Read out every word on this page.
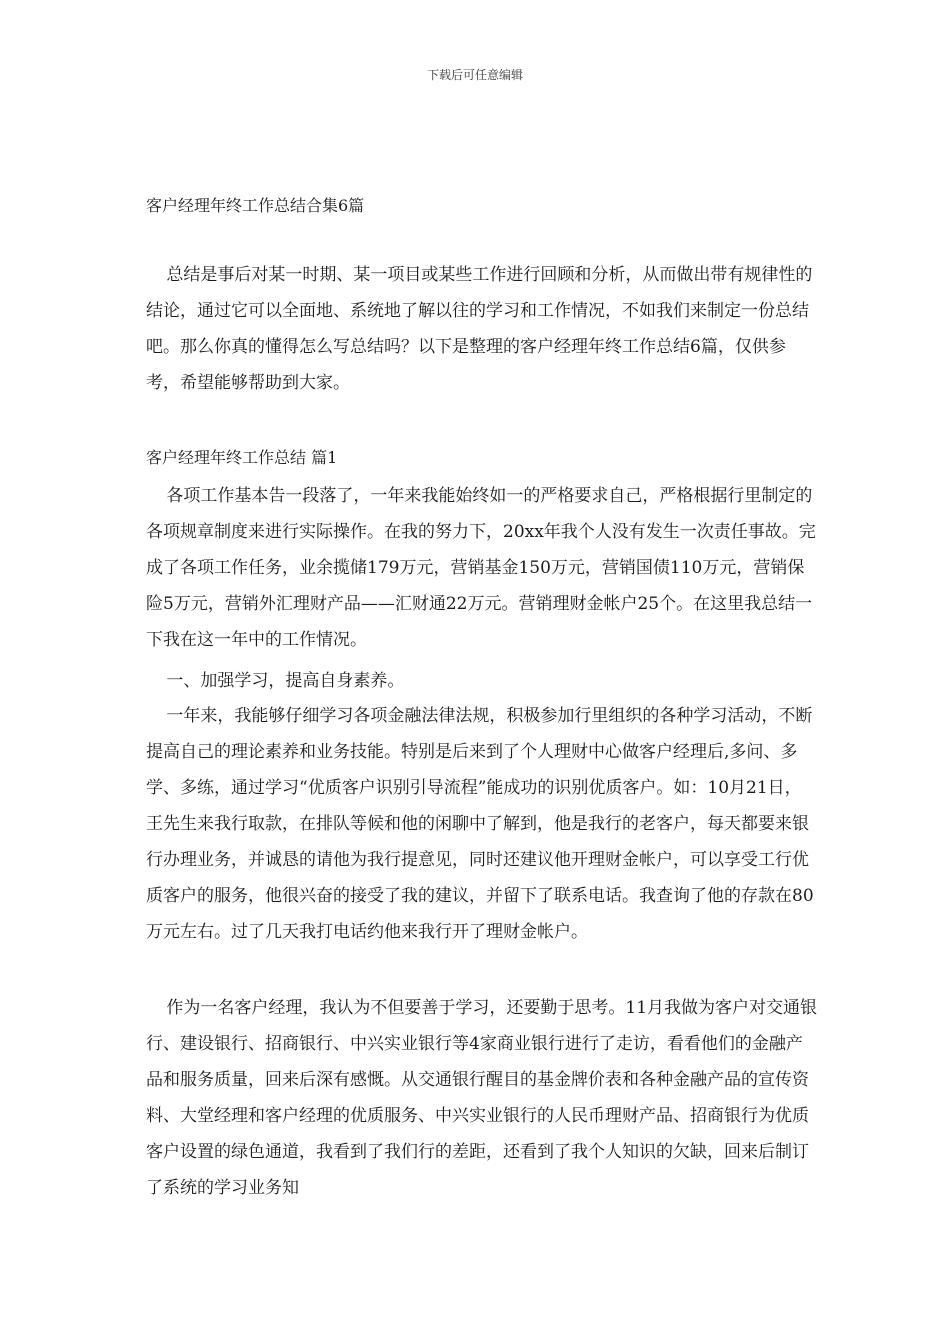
下载后可任意编辑
客户经理年终工作总结合集6篇

总结是事后对某一时期、某一项目或某些工作进行回顾和分析，从而做出带有规律性的结论，通过它可以全面地、系统地了解以往的学习和工作情况，不如我们来制定一份总结吧。那么你真的懂得怎么写总结吗？以下是整理的客户经理年终工作总结6篇，仅供参考，希望能够帮助到大家。

客户经理年终工作总结 篇1

各项工作基本告一段落了，一年来我能始终如一的严格要求自己，严格根据行里制定的各项规章制度来进行实际操作。在我的努力下，20xx年我个人没有发生一次责任事故。完成了各项工作任务，业余揽储179万元，营销基金150万元，营销国债110万元，营销保险5万元，营销外汇理财产品——汇财通22万元。营销理财金帐户25个。在这里我总结一下我在这一年中的工作情况。

一、加强学习，提高自身素养。

一年来，我能够仔细学习各项金融法律法规，积极参加行里组织的各种学习活动，不断提高自己的理论素养和业务技能。特别是后来到了个人理财中心做客户经理后,多问、多学、多练，通过学习“优质客户识别引导流程”能成功的识别优质客户。如：10月21日，王先生来我行取款，在排队等候和他的闲聊中了解到，他是我行的老客户，每天都要来银行办理业务，并诚恳的请他为我行提意见，同时还建议他开理财金帐户，可以享受工行优质客户的服务，他很兴奋的接受了我的建议，并留下了联系电话。我查询了他的存款在80万元左右。过了几天我打电话约他来我行开了理财金帐户。

作为一名客户经理，我认为不但要善于学习，还要勤于思考。11月我做为客户对交通银行、建设银行、招商银行、中兴实业银行等4家商业银行进行了走访，看看他们的金融产品和服务质量，回来后深有感慨。从交通银行醒目的基金牌价表和各种金融产品的宣传资料、大堂经理和客户经理的优质服务、中兴实业银行的人民币理财产品、招商银行为优质客户设置的绿色通道，我看到了我们行的差距，还看到了我个人知识的欠缺，回来后制订了系统的学习业务知
